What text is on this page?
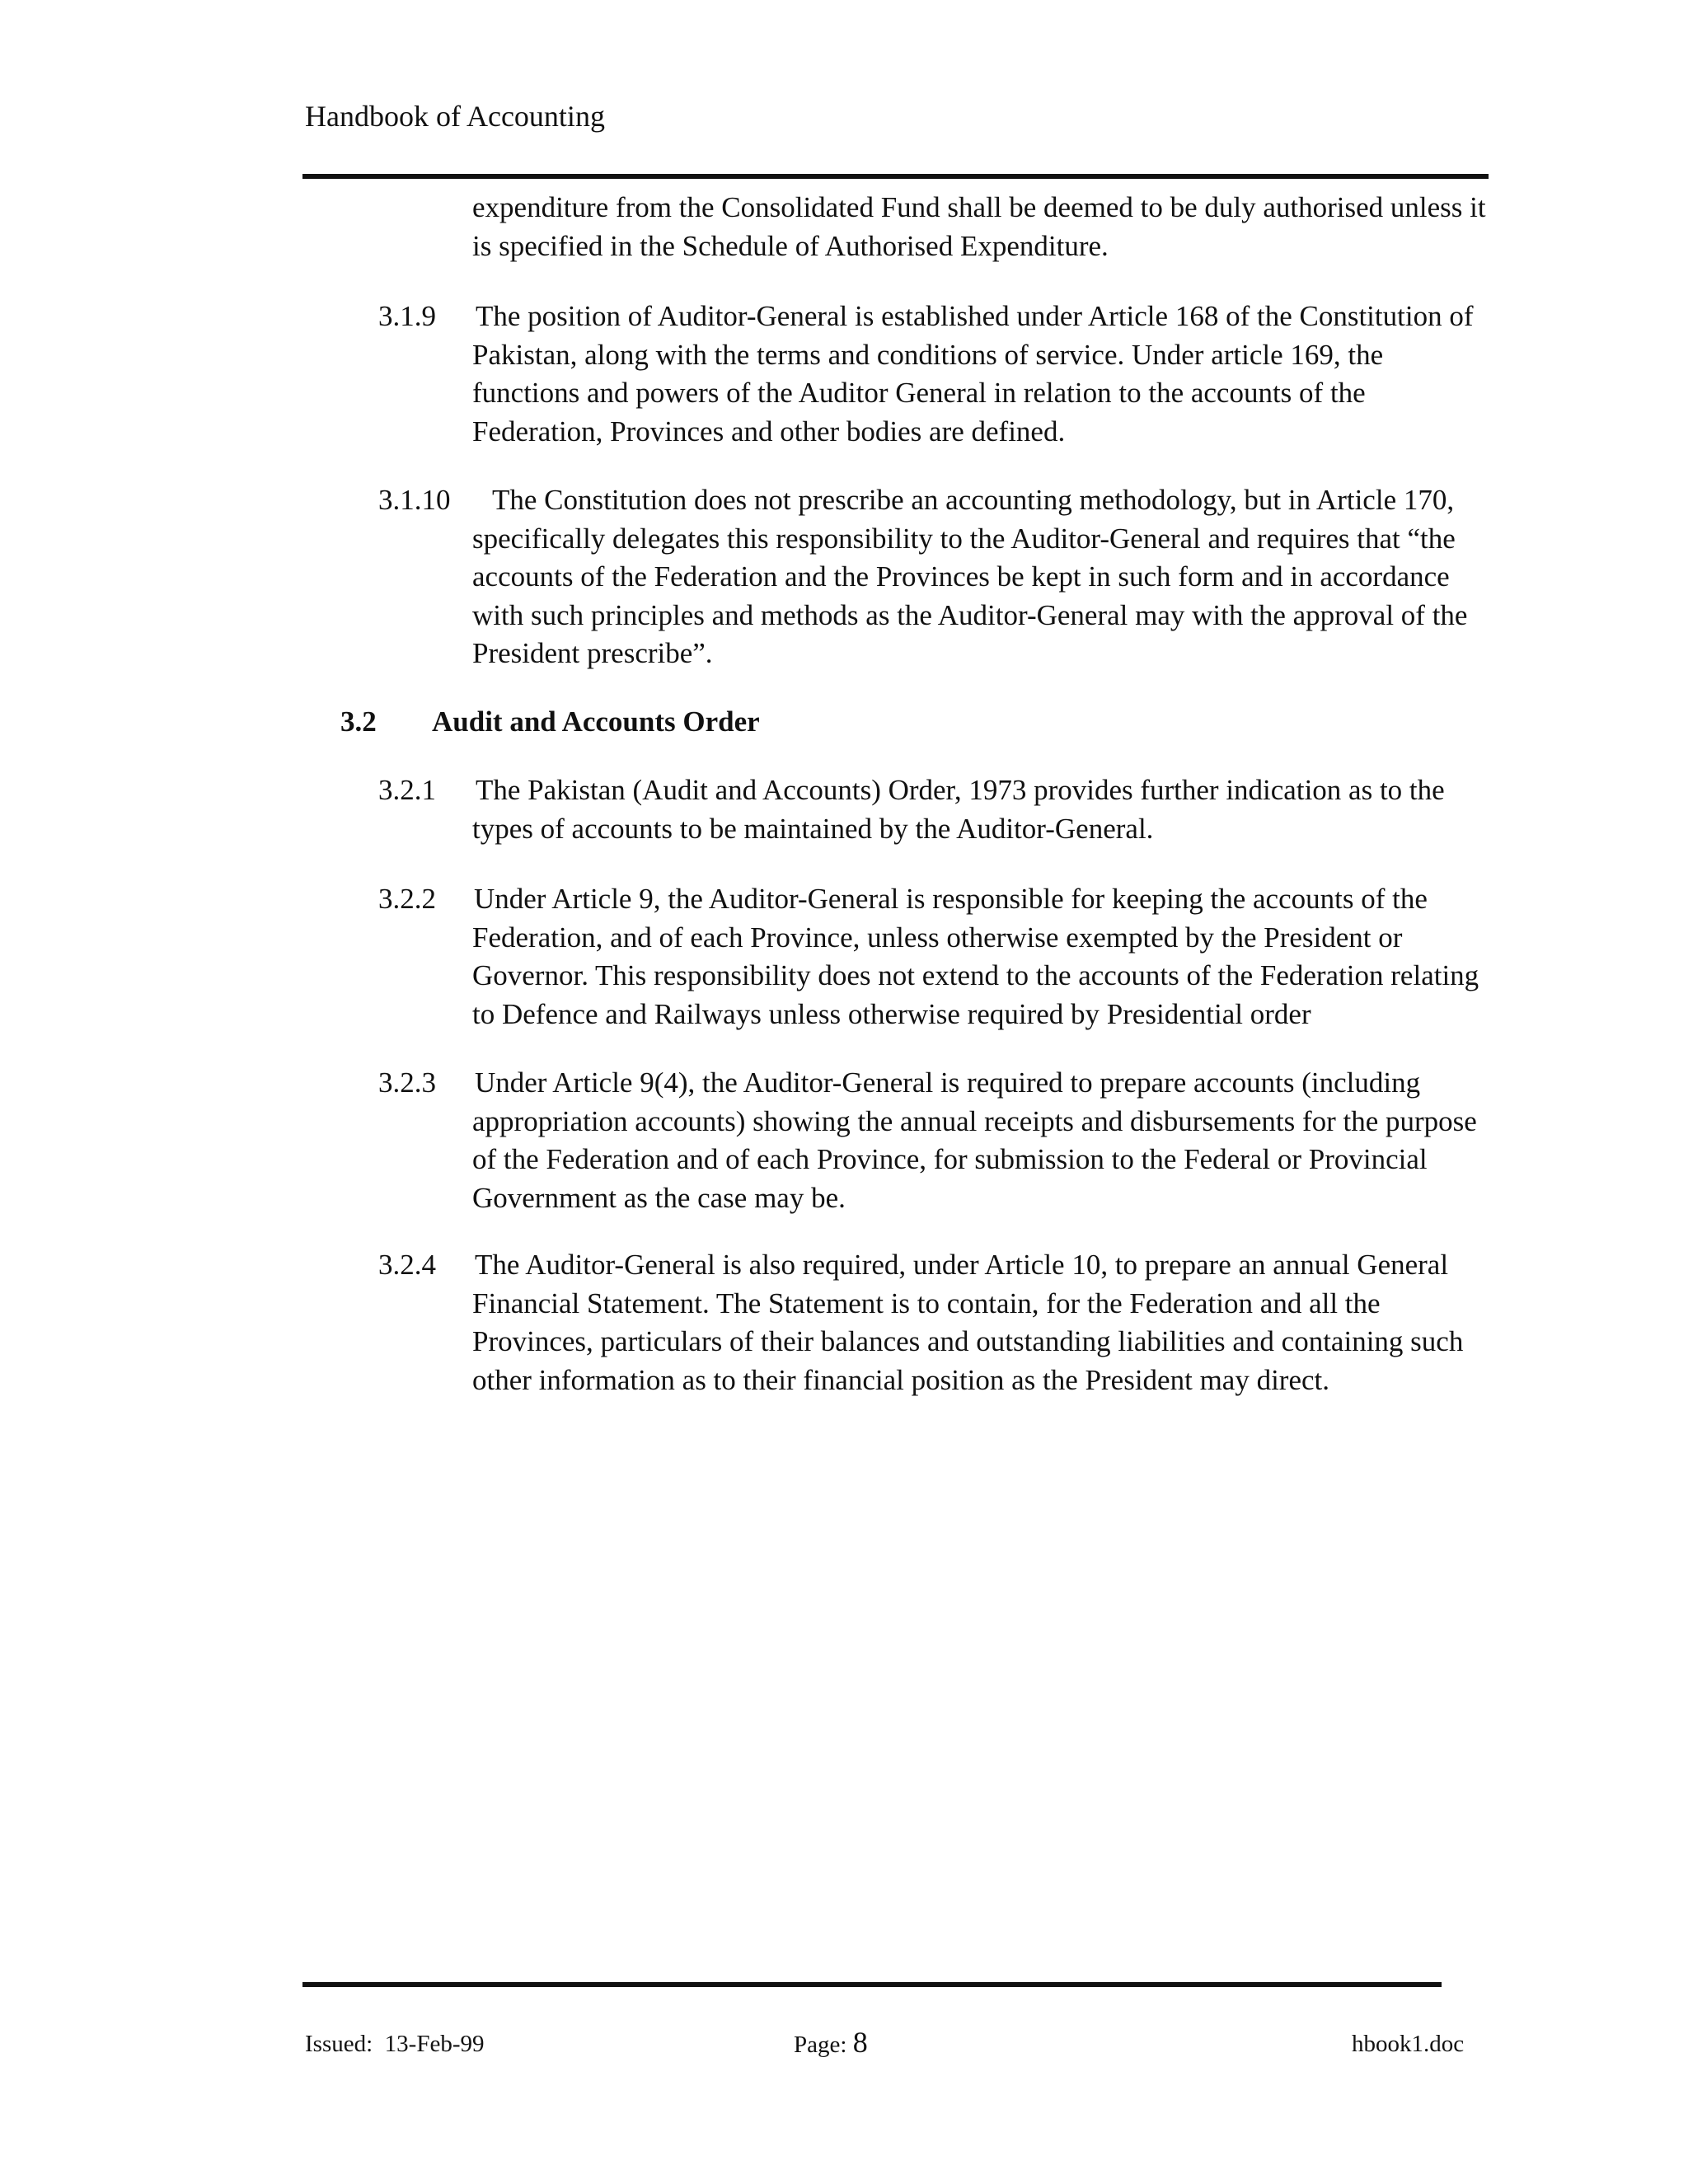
Handbook of Accounting
expenditure from the Consolidated Fund shall be deemed to be duly authorised unless it
is specified in the Schedule of Authorised Expenditure.
3.1.9 The position of Auditor-General is established under Article 168 of the Constitution of
Pakistan, along with the terms and conditions of service. Under article 169, the
functions and powers of the Auditor General in relation to the accounts of the
Federation, Provinces and other bodies are defined.
3.1.10 The Constitution does not prescribe an accounting methodology, but in Article 170,
specifically delegates this responsibility to the Auditor-General and requires that “the
accounts of the Federation and the Provinces be kept in such form and in accordance
with such principles and methods as the Auditor-General may with the approval of the
President prescribe”.
3.2 Audit and Accounts Order
3.2.1 The Pakistan (Audit and Accounts) Order, 1973 provides further indication as to the
types of accounts to be maintained by the Auditor-General.
3.2.2 Under Article 9, the Auditor-General is responsible for keeping the accounts of the
Federation, and of each Province, unless otherwise exempted by the President or
Governor. This responsibility does not extend to the accounts of the Federation relating
to Defence and Railways unless otherwise required by Presidential order
3.2.3 Under Article 9(4), the Auditor-General is required to prepare accounts (including
appropriation accounts) showing the annual receipts and disbursements for the purpose
of the Federation and of each Province, for submission to the Federal or Provincial
Government as the case may be.
3.2.4 The Auditor-General is also required, under Article 10, to prepare an annual General
Financial Statement. The Statement is to contain, for the Federation and all the
Provinces, particulars of their balances and outstanding liabilities and containing such
other information as to their financial position as the President may direct.
Issued: 13-Feb-99	Page: 8	hbook1.doc
